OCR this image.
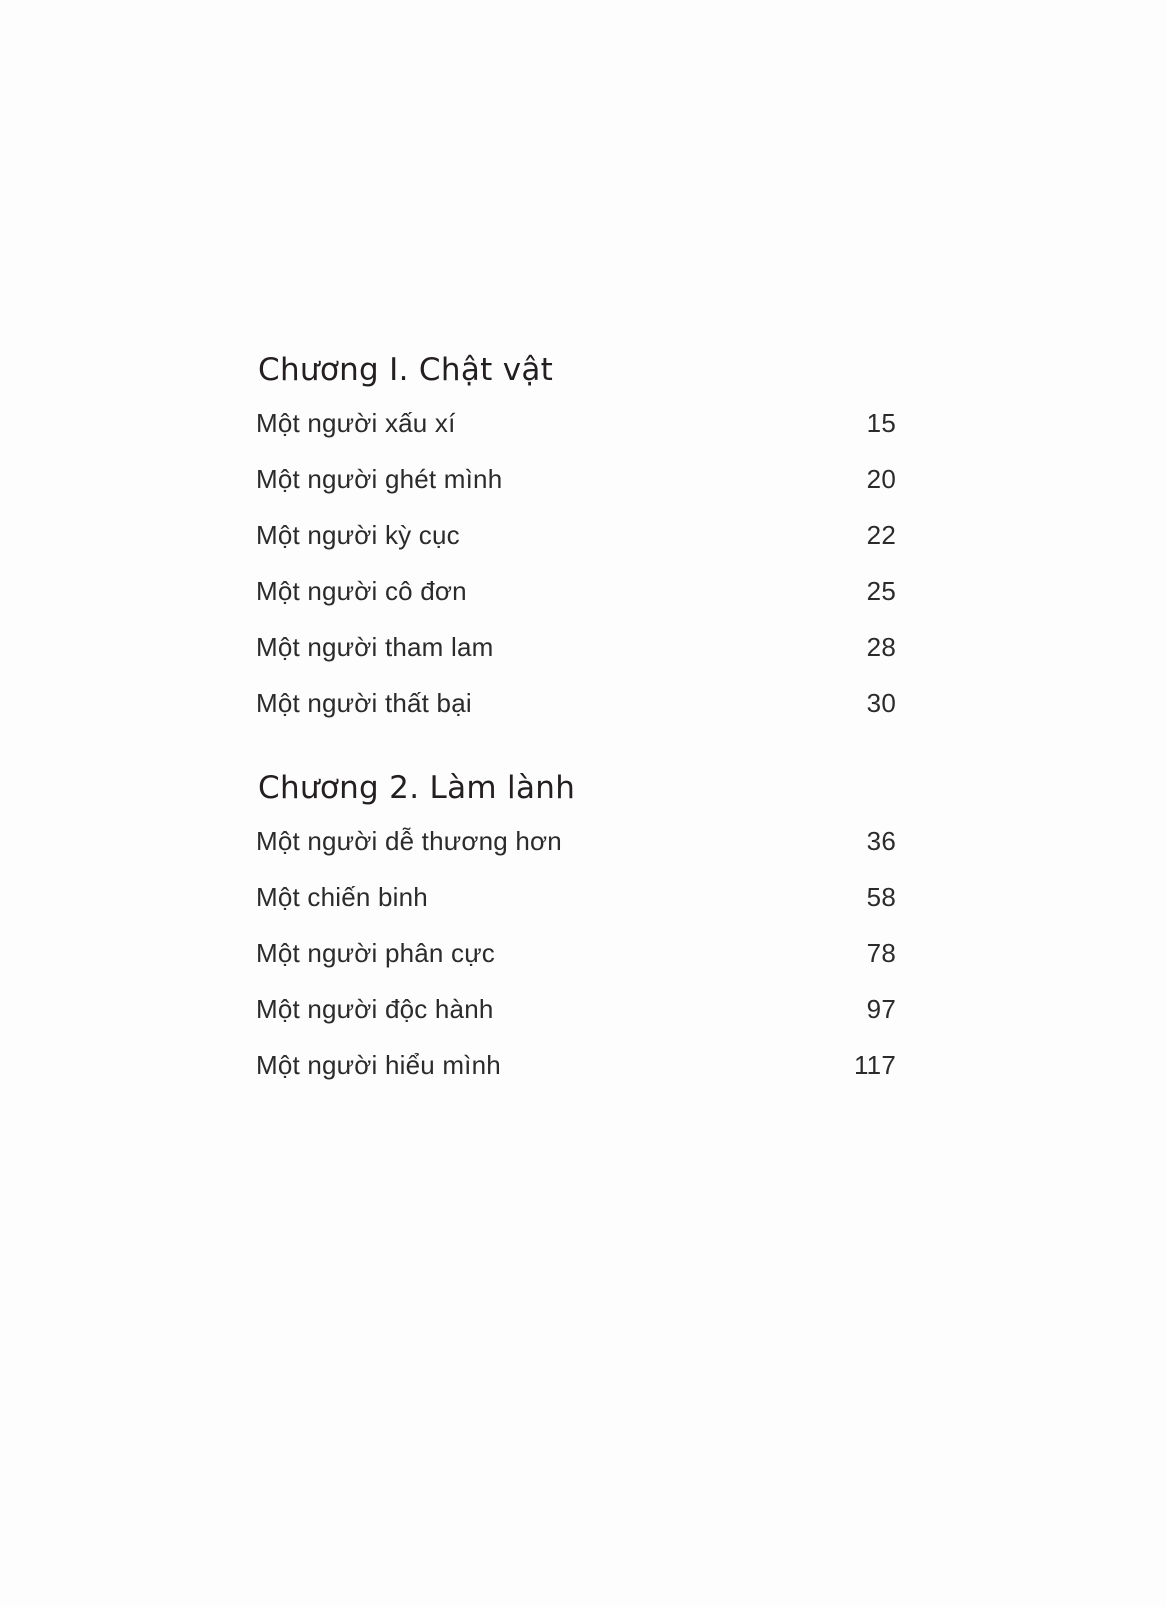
Chương I. Chật vật
Một người xấu xí	15
Một người ghét mình	20
Một người kỳ cục	22
Một người cô đơn	25
Một người tham lam	28
Một người thất bại	30
Chương 2. Làm lành
Một người dễ thương hơn	36
Một chiến binh	58
Một người phân cực	78
Một người độc hành	97
Một người hiểu mình	117
